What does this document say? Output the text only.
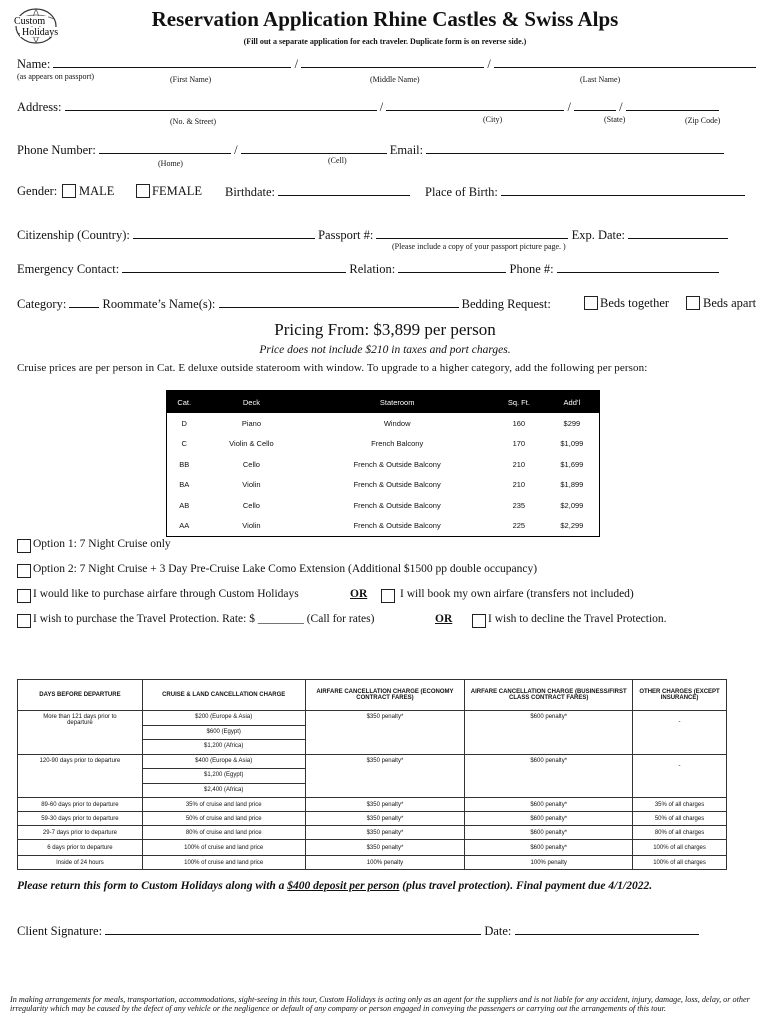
Custom
Holidays
Reservation Application Rhine Castles & Swiss Alps
(Fill out a separate application for each traveler. Duplicate form is on reverse side.)
Name:	/	/
(as appears on passport)	(First Name)	(Middle Name)	(Last Name)
Address:	/	/	/
(No. & Street)	(City)	(State)	(Zip Code)
Phone Number:	/	Email:
(Home)	(Cell)
Gender: MALE	FEMALE Birthdate:	Place of Birth:
Citizenship (Country):	Passport #:	Exp. Date:
(Please include a copy of your passport picture page. )
Emergency Contact:	Relation:	Phone #:
Category:	Roommate’s Name(s):	Bedding Request:	Beds together	Beds apart
Pricing From: $3,899 per person
Price does not include $210 in taxes and port charges.
Cruise prices are per person in Cat. E deluxe outside stateroom with window. To upgrade to a higher category, add the following per person:
Cat.	Deck	Stateroom	Sq. Ft.	Add’l
D	Piano	Window	160	$299
C	Violin & Cello	French Balcony	170	$1,099
BB	Cello	French & Outside Balcony	210	$1,699
BA	Violin	French & Outside Balcony	210	$1,899
AB	Cello	French & Outside Balcony	235	$2,099
AA	Violin	French & Outside Balcony	225	$2,299
Option 1: 7 Night Cruise only
Option 2: 7 Night Cruise + 3 Day Pre-Cruise Lake Como Extension (Additional $1500 pp double occupancy)
I would like to purchase airfare through Custom Holidays	OR	I will book my own airfare (transfers not included)
I wish to purchase the Travel Protection. Rate: $ ________ (Call for rates)	OR	I wish to decline the Travel Protection.
DAYS BEFORE DEPARTURE	CRUISE & LAND CANCELLATION CHARGE	AIRFARE CANCELLATION CHARGE (ECONOMY CONTRACT FARES)	AIRFARE CANCELLATION CHARGE (BUSINESS/FIRST CLASS CONTRACT FARES)	OTHER CHARGES (EXCEPT INSURANCE)
More than 121 days prior to departure	$200 (Europe & Asia)
$600 (Egypt)
$1,200 (Africa)	$350 penalty*	$600 penalty*	-
120-90 days prior to departure	$400 (Europe & Asia)
$1,200 (Egypt)
$2,400 (Africa)	$350 penalty*	$600 penalty*	-
89-60 days prior to departure	35% of cruise and land price	$350 penalty*	$600 penalty*	35% of all charges
59-30 days prior to departure	50% of cruise and land price	$350 penalty*	$600 penalty*	50% of all charges
29-7 days prior to departure	80% of cruise and land price	$350 penalty*	$600 penalty*	80% of all charges
6 days prior to departure	100% of cruise and land price	$350 penalty*	$600 penalty*	100% of all charges
Inside of 24 hours	100% of cruise and land price	100% penalty	100% penalty	100% of all charges
Please return this form to Custom Holidays along with a $400 deposit per person (plus travel protection). Final payment due 4/1/2022.
Client Signature:	Date:
In making arrangements for meals, transportation, accommodations, sight-seeing in this tour, Custom Holidays is acting only as an agent for the suppliers and is not liable for any accident, injury, damage, loss, delay, or other irregularity which may be caused by the defect of any vehicle or the negligence or default of any company or person engaged in conveying the passengers or carrying out the arrangements of this tour.
